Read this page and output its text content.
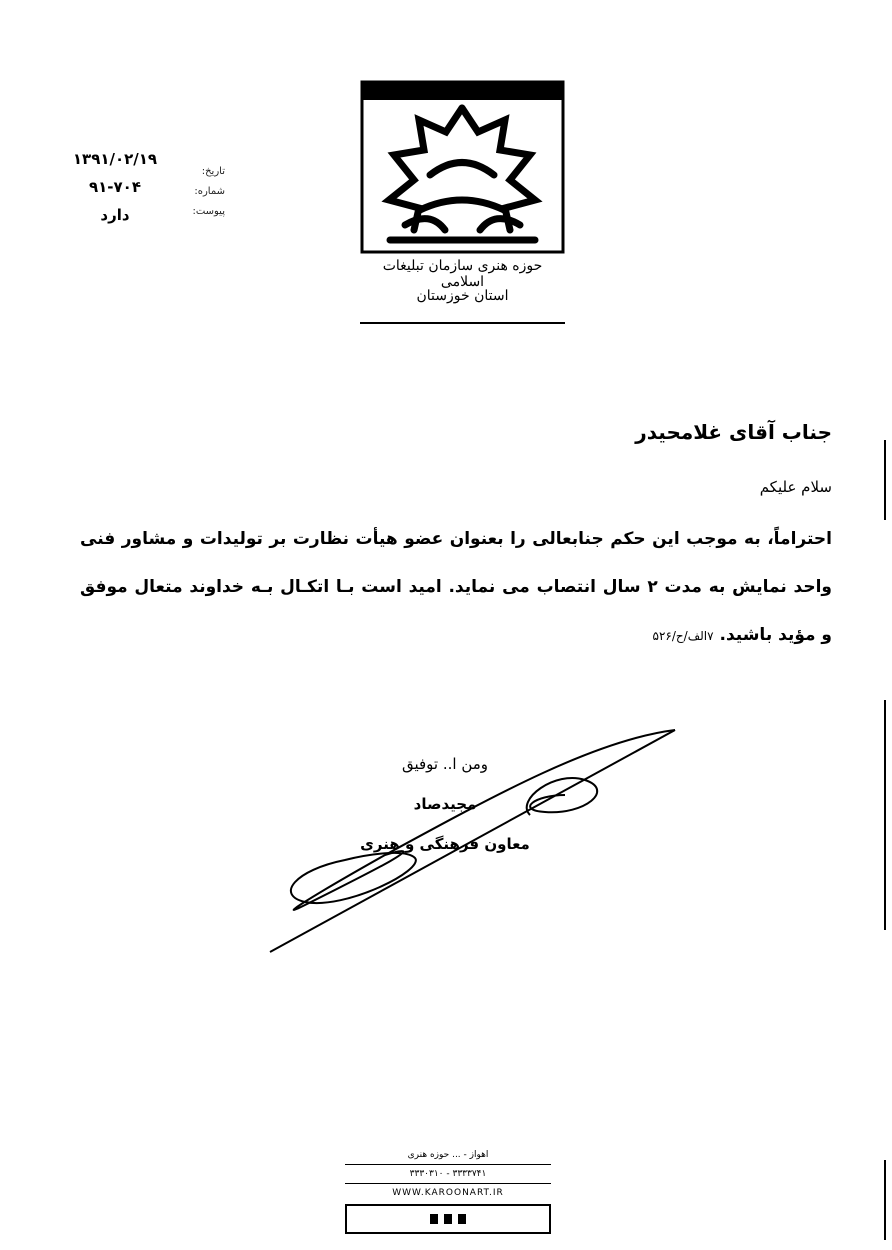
۱۳۹۱/۰۲/۱۹
۹۱-۷۰۴
دارد
تاریخ:
شماره:
پیوست:
حوزه هنری سازمان تبلیغات اسلامی
استان خوزستان
جناب آقای غلامحیدر
سلام علیکم
احتراماً، به موجب این حکم جنابعالی را بعنوان عضو هیأت نظارت بر تولیدات و مشاور فنی واحد نمایش به مدت ۲ سال انتصاب می نماید. امید است بـا اتکـال بـه خداوند متعال موفق و مؤید باشید. ۷الف/ح/۵۲۶
ومن ا.. توفیق
مجیدصاد
معاون فرهنگی و هنری
اهواز - ... حوزه هنری
۳۳۳۰۳۱۰ - ۳۳۳۳۷۴۱
WWW.KAROONART.IR
